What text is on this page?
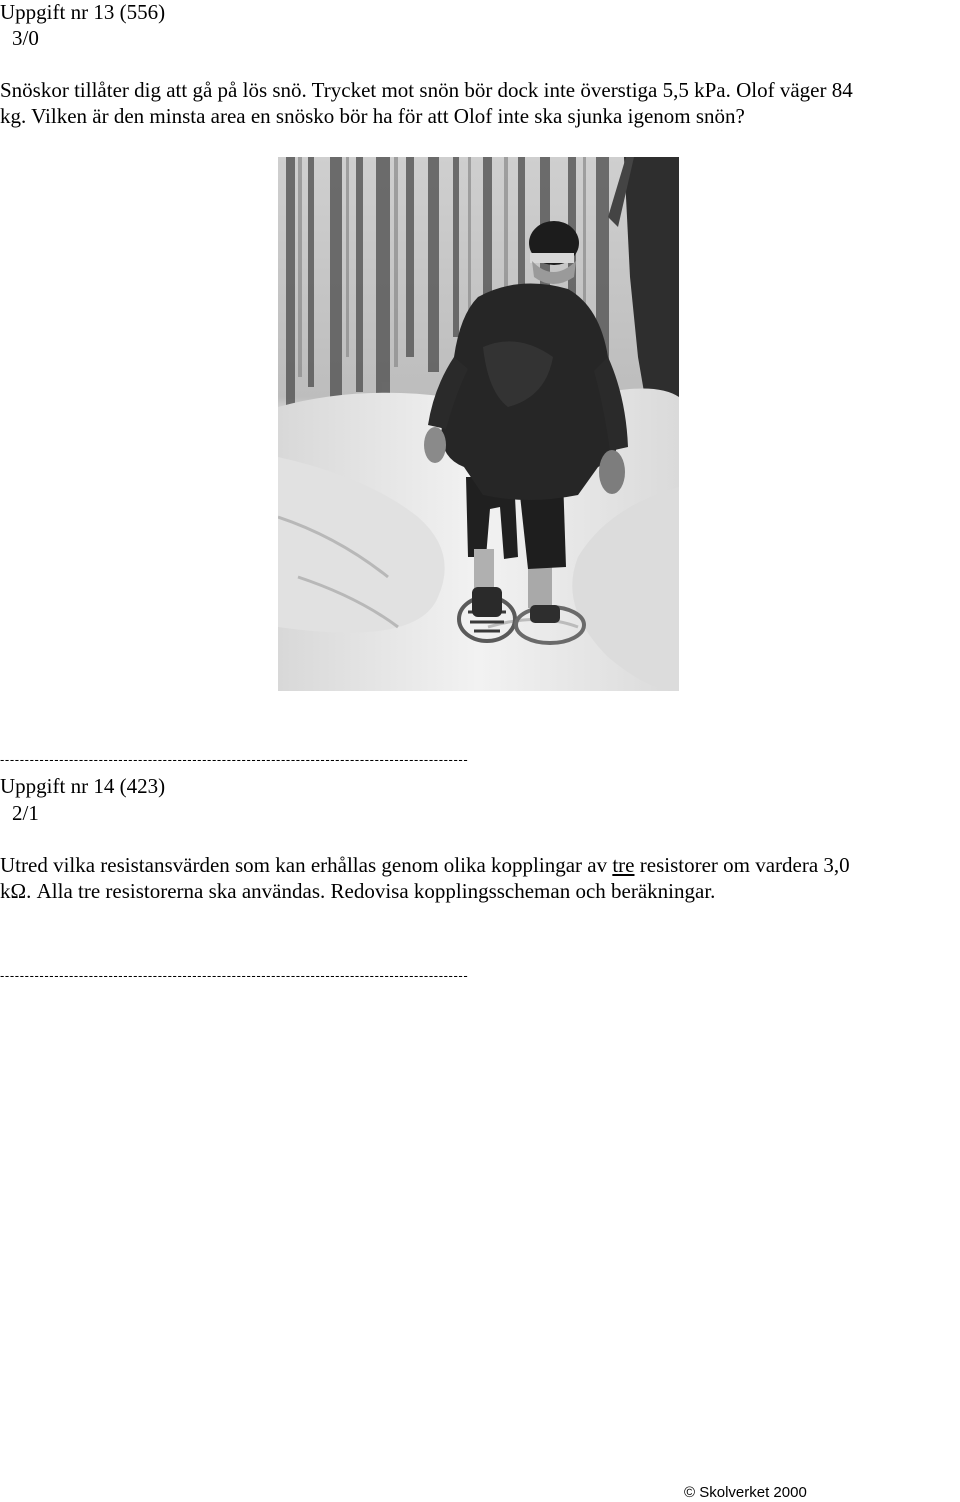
Uppgift nr 13 (556)
3/0
Snöskor tillåter dig att gå på lös snö. Trycket mot snön bör dock inte överstiga 5,5 kPa. Olof väger 84
kg. Vilken är den minsta area en snösko bör ha för att Olof inte ska sjunka igenom snön?
-----------------------------------------------------------------------------------------------
Uppgift nr 14 (423)
2/1
Utred vilka resistansvärden som kan erhållas genom olika kopplingar av tre resistorer om vardera 3,0
kΩ. Alla tre resistorerna ska användas. Redovisa kopplingsscheman och beräkningar.
-----------------------------------------------------------------------------------------------
© Skolverket 2000
